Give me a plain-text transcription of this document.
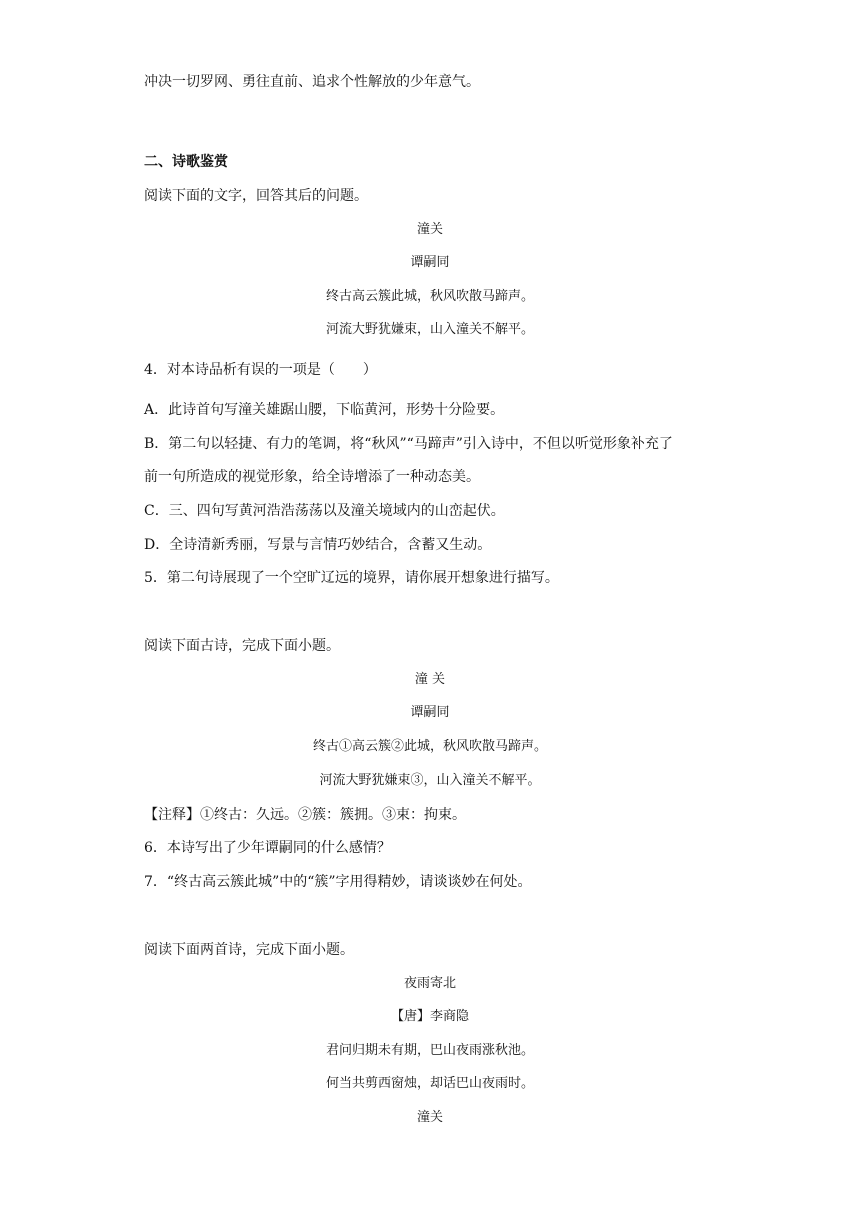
冲决一切罗网、勇往直前、追求个性解放的少年意气。
二、诗歌鉴赏
阅读下面的文字，回答其后的问题。
潼关
谭嗣同
终古高云簇此城，秋风吹散马蹄声。
河流大野犹嫌束，山入潼关不解平。
4．对本诗品析有误的一项是（　　）
A．此诗首句写潼关雄踞山腰，下临黄河，形势十分险要。
B．第二句以轻捷、有力的笔调，将“秋风”“马蹄声”引入诗中，不但以听觉形象补充了
前一句所造成的视觉形象，给全诗增添了一种动态美。
C．三、四句写黄河浩浩荡荡以及潼关境域内的山峦起伏。
D．全诗清新秀丽，写景与言情巧妙结合，含蓄又生动。
5．第二句诗展现了一个空旷辽远的境界，请你展开想象进行描写。
阅读下面古诗，完成下面小题。
潼 关
谭嗣同
终古①高云簇②此城，秋风吹散马蹄声。
河流大野犹嫌束③，山入潼关不解平。
【注释】①终古：久远。②簇：簇拥。③束：拘束。
6．本诗写出了少年谭嗣同的什么感情？
7．“终古高云簇此城”中的“簇”字用得精妙，请谈谈妙在何处。
阅读下面两首诗，完成下面小题。
夜雨寄北
【唐】李商隐
君问归期未有期，巴山夜雨涨秋池。
何当共剪西窗烛，却话巴山夜雨时。
潼关
